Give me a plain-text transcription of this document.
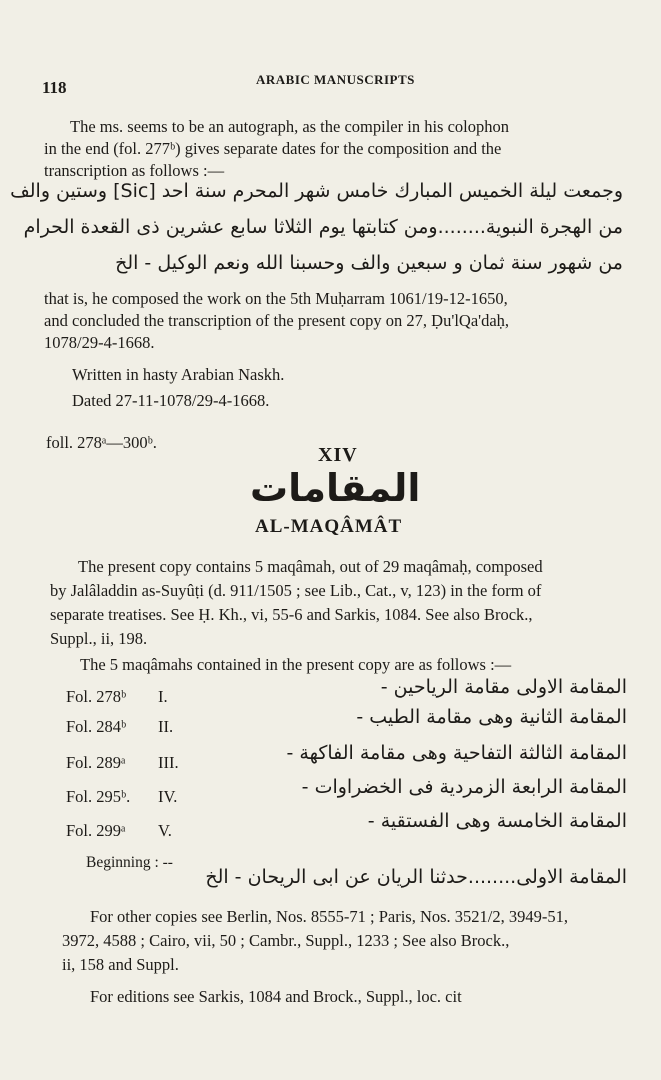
118	ARABIC MANUSCRIPTS
The ms. seems to be an autograph, as the compiler in his colophon
in the end (fol. 277ᵇ) gives separate dates for the composition and the
transcription as follows :—
وجمعت ليلة الخميس المبارك خامس شهر المحرم سنة احد [Sic] وستين والف
من الهجرة النبوية........ومن كتابتها يوم الثلاثا سابع عشرين ذى القعدة الحرام
من شهور سنة ثمان و سبعين والف وحسبنا الله ونعم الوكيل - الخ
that is, he composed the work on the 5th Muḥarram 1061/19-12-1650,
and concluded the transcription of the present copy on 27, Ḍu'lQa'daḥ,
1078/29-4-1668.
Written in hasty Arabian Naskh.
Dated 27-11-1078/29-4-1668.
foll. 278ᵃ—300ᵇ.
XIV
المقامات
AL-MAQÂMÂT
The present copy contains 5 maqâmah, out of 29 maqâmaḥ, composed
by Jalâladdin as-Suyûṭi (d. 911/1505 ; see Lib., Cat., v, 123) in the form of
separate treatises. See Ḥ. Kh., vi, 55-6 and Sarkis, 1084. See also Brock.,
Suppl., ii, 198.
The 5 maqâmahs contained in the present copy are as follows :—
Fol. 278ᵇ I.	المقامة الاولى مقامة الرياحين -
Fol. 284ᵇ II.	المقامة الثانية وهى مقامة الطيب -
Fol. 289ᵃ III.	المقامة الثالثة التفاحية وهى مقامة الفاكهة -
Fol. 295ᵇ. IV.	المقامة الرابعة الزمردية فى الخضراوات -
Fol. 299ᵃ V.	المقامة الخامسة وهى الفستقية -
Beginning : --
المقامة الاولى........حدثنا الريان عن ابى الريحان - الخ
For other copies see Berlin, Nos. 8555-71 ; Paris, Nos. 3521/2, 3949-51,
3972, 4588 ; Cairo, vii, 50 ; Cambr., Suppl., 1233 ; See also Brock.,
ii, 158 and Suppl.
For editions see Sarkis, 1084 and Brock., Suppl., loc. cit
